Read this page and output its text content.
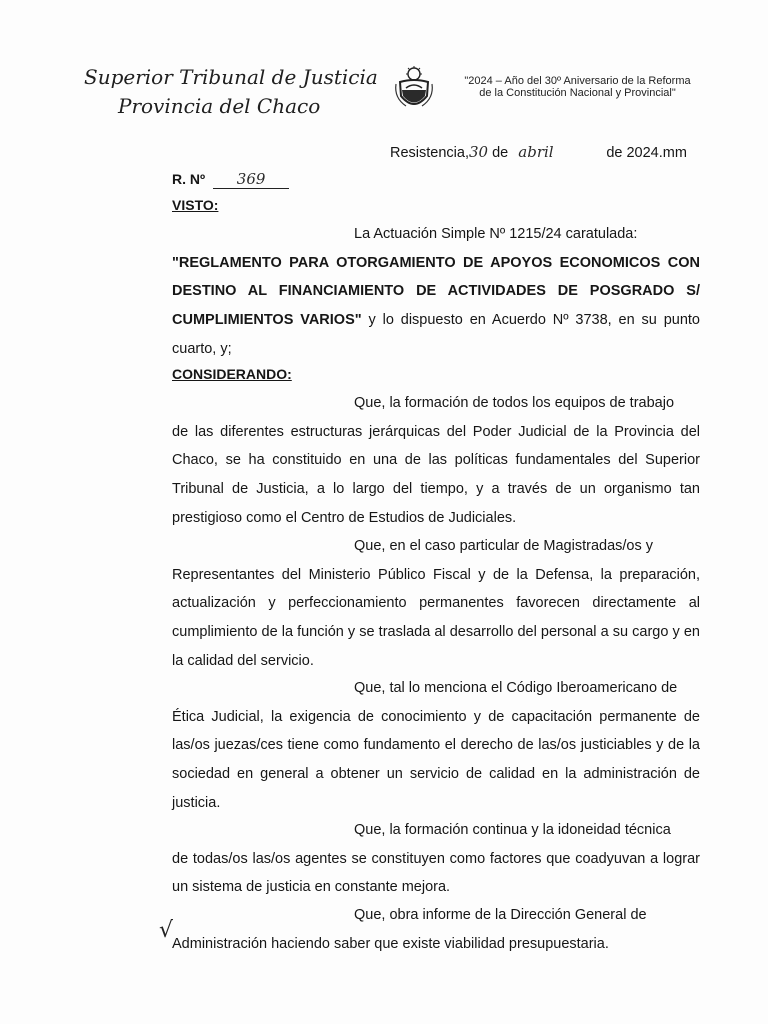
Superior Tribunal de Justicia
Provincia del Chaco
"2024 – Año del 30º Aniversario de la Reforma
de la Constitución Nacional y Provincial"
Resistencia,30 de abril	de 2024.mm
R. Nº 369
VISTO:

La Actuación Simple Nº 1215/24 caratulada:
"REGLAMENTO PARA OTORGAMIENTO DE APOYOS ECONOMICOS CON DESTINO AL FINANCIAMIENTO DE ACTIVIDADES DE POSGRADO S/ CUMPLIMIENTOS VARIOS" y lo dispuesto en Acuerdo Nº 3738, en su punto cuarto, y;

CONSIDERANDO:

Que, la formación de todos los equipos de trabajo
de las diferentes estructuras jerárquicas del Poder Judicial de la Provincia del Chaco, se ha constituido en una de las políticas fundamentales del Superior Tribunal de Justicia, a lo largo del tiempo, y a través de un organismo tan prestigioso como el Centro de Estudios de Judiciales.

Que, en el caso particular de Magistradas/os y
Representantes del Ministerio Público Fiscal y de la Defensa, la preparación, actualización y perfeccionamiento permanentes favorecen directamente al cumplimiento de la función y se traslada al desarrollo del personal a su cargo y en la calidad del servicio.

Que, tal lo menciona el Código Iberoamericano de
Ética Judicial, la exigencia de conocimiento y de capacitación permanente de las/os juezas/ces tiene como fundamento el derecho de las/os justiciables y de la sociedad en general a obtener un servicio de calidad en la administración de justicia.

Que, la formación continua y la idoneidad técnica
de todas/os las/os agentes se constituyen como factores que coadyuvan a lograr un sistema de justicia en constante mejora.

Que, obra informe de la Dirección General de
Administración haciendo saber que existe viabilidad presupuestaria.

√
